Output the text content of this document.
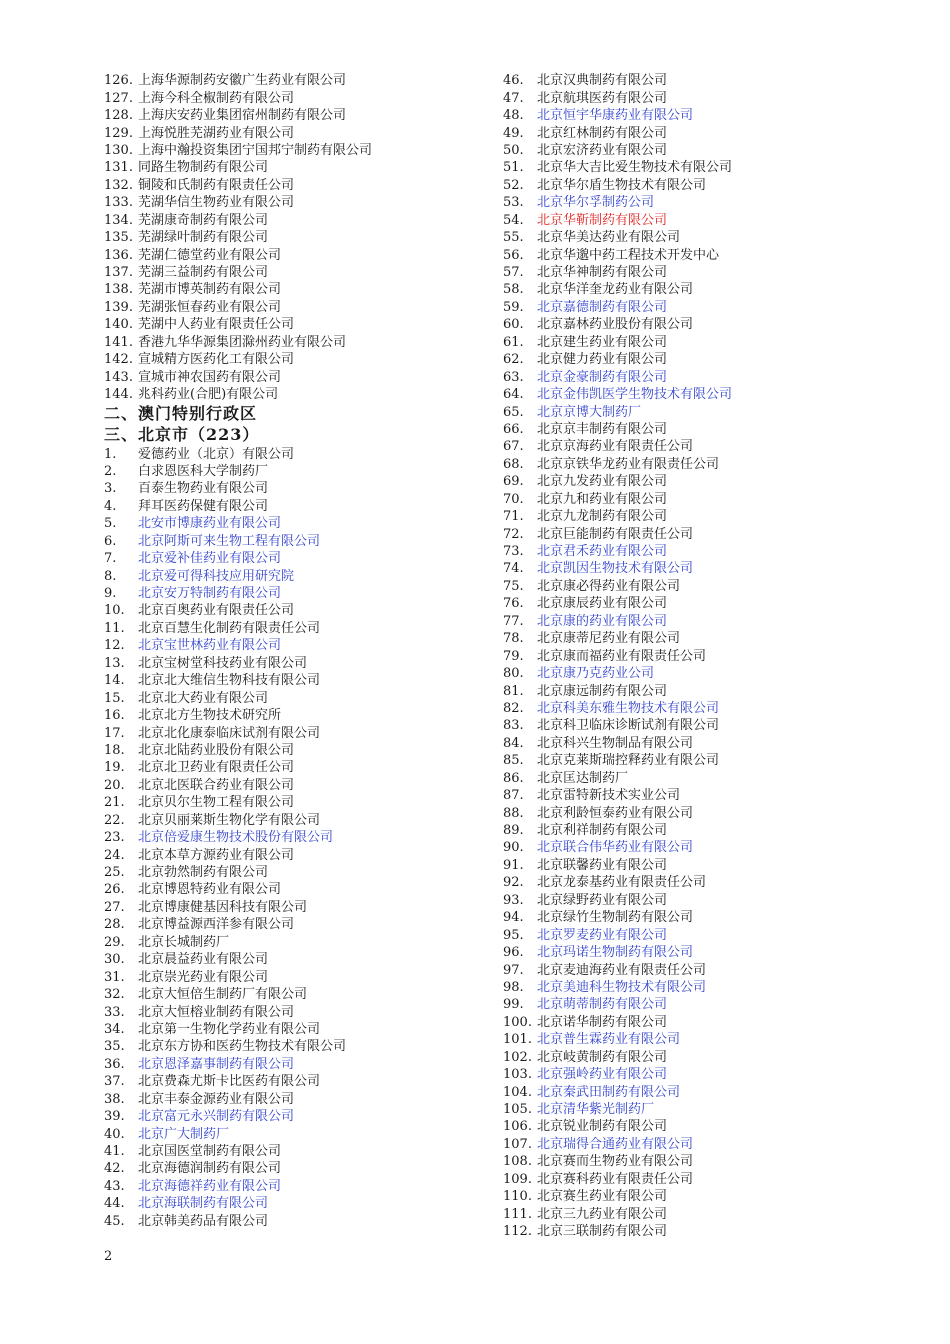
126. 上海华源制药安徽广生药业有限公司
127. 上海今科全椒制药有限公司
128. 上海庆安药业集团宿州制药有限公司
129. 上海悦胜芜湖药业有限公司
130. 上海中瀚投资集团宁国邦宁制药有限公司
131. 同路生物制药有限公司
132. 铜陵和氏制药有限责任公司
133. 芜湖华信生物药业有限公司
134. 芜湖康奇制药有限公司
135. 芜湖绿叶制药有限公司
136. 芜湖仁德堂药业有限公司
137. 芜湖三益制药有限公司
138. 芜湖市博英制药有限公司
139. 芜湖张恒春药业有限公司
140. 芜湖中人药业有限责任公司
141. 香港九华华源集团滁州药业有限公司
142. 宣城精方医药化工有限公司
143. 宣城市神农国药有限公司
144. 兆科药业(合肥)有限公司
二、澳门特别行政区
三、北京市（223）
1.	爱德药业（北京）有限公司
2.	白求恩医科大学制药厂
3.	百泰生物药业有限公司
4.	拜耳医药保健有限公司
5.	北安市博康药业有限公司
6.	北京阿斯可来生物工程有限公司
7.	北京爱补佳药业有限公司
8.	北京爱可得科技应用研究院
9.	北京安万特制药有限公司
10.	北京百奥药业有限责任公司
11.	北京百慧生化制药有限责任公司
12.	北京宝世林药业有限公司
13.	北京宝树堂科技药业有限公司
14.	北京北大维信生物科技有限公司
15.	北京北大药业有限公司
16.	北京北方生物技术研究所
17.	北京北化康泰临床试剂有限公司
18.	北京北陆药业股份有限公司
19.	北京北卫药业有限责任公司
20.	北京北医联合药业有限公司
21.	北京贝尔生物工程有限公司
22.	北京贝丽莱斯生物化学有限公司
23.	北京倍爱康生物技术股份有限公司
24.	北京本草方源药业有限公司
25.	北京勃然制药有限公司
26.	北京博恩特药业有限公司
27.	北京博康健基因科技有限公司
28.	北京博益源西洋参有限公司
29.	北京长城制药厂
30.	北京晨益药业有限公司
31.	北京崇光药业有限公司
32.	北京大恒倍生制药厂有限公司
33.	北京大恒榕业制药有限公司
34.	北京第一生物化学药业有限公司
35.	北京东方协和医药生物技术有限公司
36.	北京恩泽嘉事制药有限公司
37.	北京费森尤斯卡比医药有限公司
38.	北京丰泰金源药业有限公司
39.	北京富元永兴制药有限公司
40.	北京广大制药厂
41.	北京国医堂制药有限公司
42.	北京海德润制药有限公司
43.	北京海德祥药业有限公司
44.	北京海联制药有限公司
45.	北京韩美药品有限公司
46.	北京汉典制药有限公司
47.	北京航琪医药有限公司
48.	北京恒宇华康药业有限公司
49.	北京红林制药有限公司
50.	北京宏济药业有限公司
51.	北京华大吉比爱生物技术有限公司
52.	北京华尔盾生物技术有限公司
53.	北京华尔孚制药公司
54.	北京华靳制药有限公司
55.	北京华美达药业有限公司
56.	北京华邈中药工程技术开发中心
57.	北京华神制药有限公司
58.	北京华洋奎龙药业有限公司
59.	北京嘉德制药有限公司
60.	北京嘉林药业股份有限公司
61.	北京建生药业有限公司
62.	北京健力药业有限公司
63.	北京金豪制药有限公司
64.	北京金伟凯医学生物技术有限公司
65.	北京京博大制药厂
66.	北京京丰制药有限公司
67.	北京京海药业有限责任公司
68.	北京京铁华龙药业有限责任公司
69.	北京九发药业有限公司
70.	北京九和药业有限公司
71.	北京九龙制药有限公司
72.	北京巨能制药有限责任公司
73.	北京君禾药业有限公司
74.	北京凯因生物技术有限公司
75.	北京康必得药业有限公司
76.	北京康辰药业有限公司
77.	北京康的药业有限公司
78.	北京康蒂尼药业有限公司
79.	北京康而福药业有限责任公司
80.	北京康乃克药业公司
81.	北京康远制药有限公司
82.	北京科美东雅生物技术有限公司
83.	北京科卫临床诊断试剂有限公司
84.	北京科兴生物制品有限公司
85.	北京克莱斯瑞控释药业有限公司
86.	北京匡达制药厂
87.	北京雷特新技术实业公司
88.	北京利龄恒泰药业有限公司
89.	北京利祥制药有限公司
90.	北京联合伟华药业有限公司
91.	北京联馨药业有限公司
92.	北京龙泰基药业有限责任公司
93.	北京绿野药业有限公司
94.	北京绿竹生物制药有限公司
95.	北京罗麦药业有限公司
96.	北京玛诺生物制药有限公司
97.	北京麦迪海药业有限责任公司
98.	北京美迪科生物技术有限公司
99.	北京萌蒂制药有限公司
100. 北京诺华制药有限公司
101. 北京普生霖药业有限公司
102. 北京岐黄制药有限公司
103. 北京强岭药业有限公司
104. 北京秦武田制药有限公司
105. 北京清华紫光制药厂
106. 北京锐业制药有限公司
107. 北京瑞得合通药业有限公司
108. 北京赛而生物药业有限公司
109. 北京赛科药业有限责任公司
110. 北京赛生药业有限公司
111. 北京三九药业有限公司
112. 北京三联制药有限公司
2
